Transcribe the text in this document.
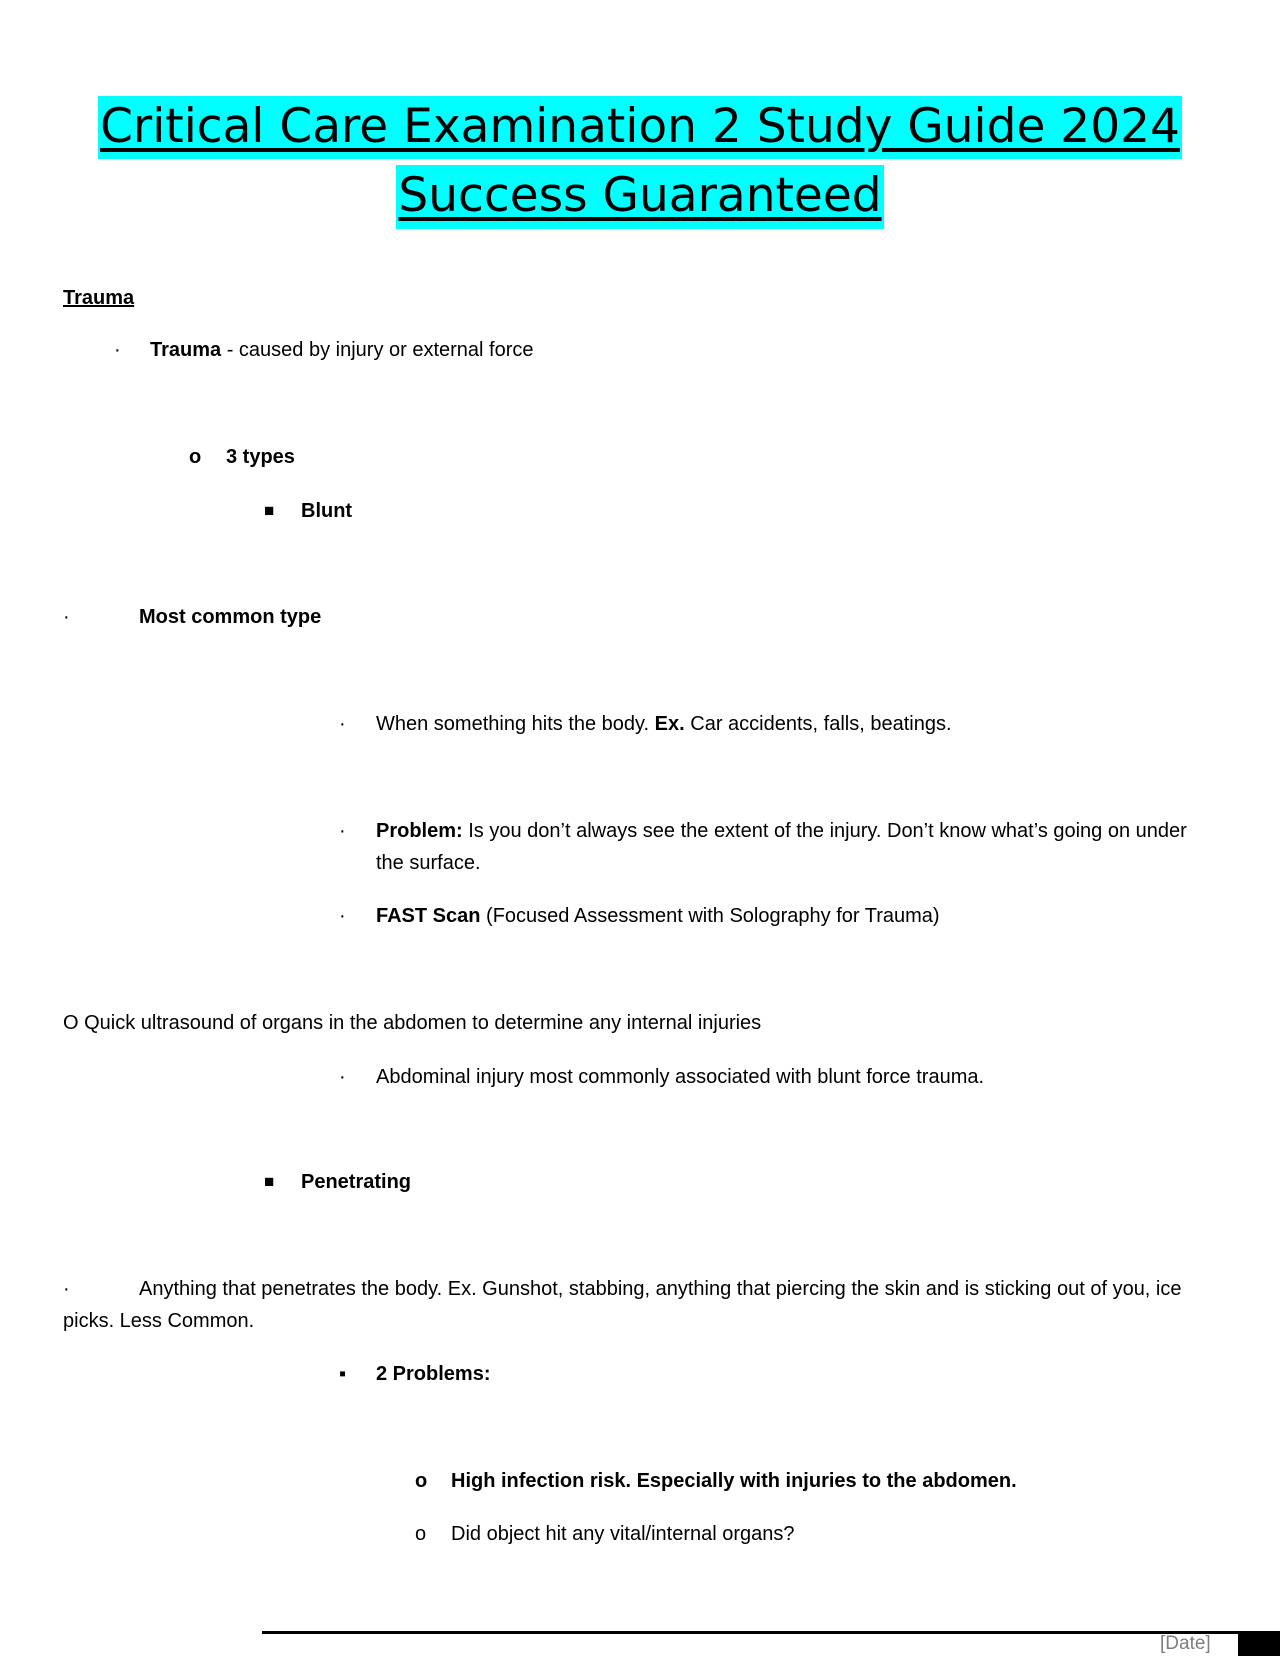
Critical Care Examination 2 Study Guide 2024
Success Guaranteed
Trauma
· Trauma - caused by injury or external force
o 3 types
■ Blunt
·	Most common type
· When something hits the body. Ex. Car accidents, falls, beatings.
· Problem: Is you don’t always see the extent of the injury. Don’t know what’s going on under the surface.
· FAST Scan (Focused Assessment with Solography for Trauma)
O Quick ultrasound of organs in the abdomen to determine any internal injuries
· Abdominal injury most commonly associated with blunt force trauma.
■ Penetrating
·	Anything that penetrates the body. Ex. Gunshot, stabbing, anything that piercing the skin and is sticking out of you, ice picks. Less Common.
▪ 2 Problems:
o High infection risk. Especially with injuries to the abdomen.
o Did object hit any vital/internal organs?
[Date]
